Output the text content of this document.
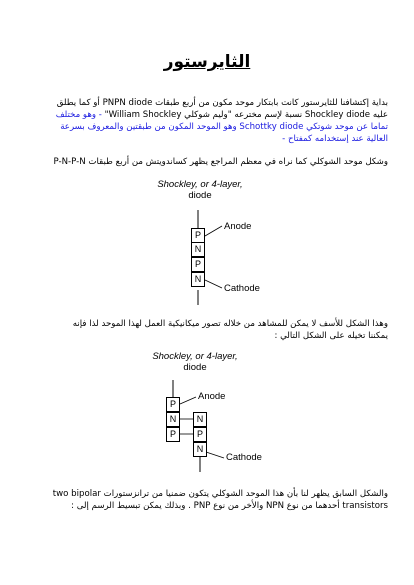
الثايرستور
بداية إكتشافنا للثايرستور كانت بابتكار موحد مكون من أربع طبقات PNPN diode أو كما يطلق
عليه Shockley diode نسبة لإسم مخترعه "وليم شوكلي William Shockley" - وهو مختلف
تماما عن موحد شوتكي Schottky diode وهو الموحد المكون من طبقتين والمعروف بسرعة
العالية عند إستخدامه كمفتاح -
وشكل موحد الشوكلي كما نراه في معظم المراجع يظهر كساندويتش من أربع طبقات P-N-P-N
Shockley, or 4-layer,
diode
P
N
P
N
Anode
Cathode
وهذا الشكل للأسف لا يمكن للمشاهد من خلاله تصور ميكانيكية العمل لهذا الموحد لذا فإنه
يمكننا تخيله على الشكل التالي :
Shockley, or 4-layer,
diode
P
N
P
N
P
N
Anode
Cathode
والشكل السابق يظهر لنا بأن هذا الموحد الشوكلي يتكون ضمنيا من ترانزستورات two bipolar
transistors أحدهما من نوع NPN والأخر من نوع PNP . وبذلك يمكن تبسيط الرسم إلى :
